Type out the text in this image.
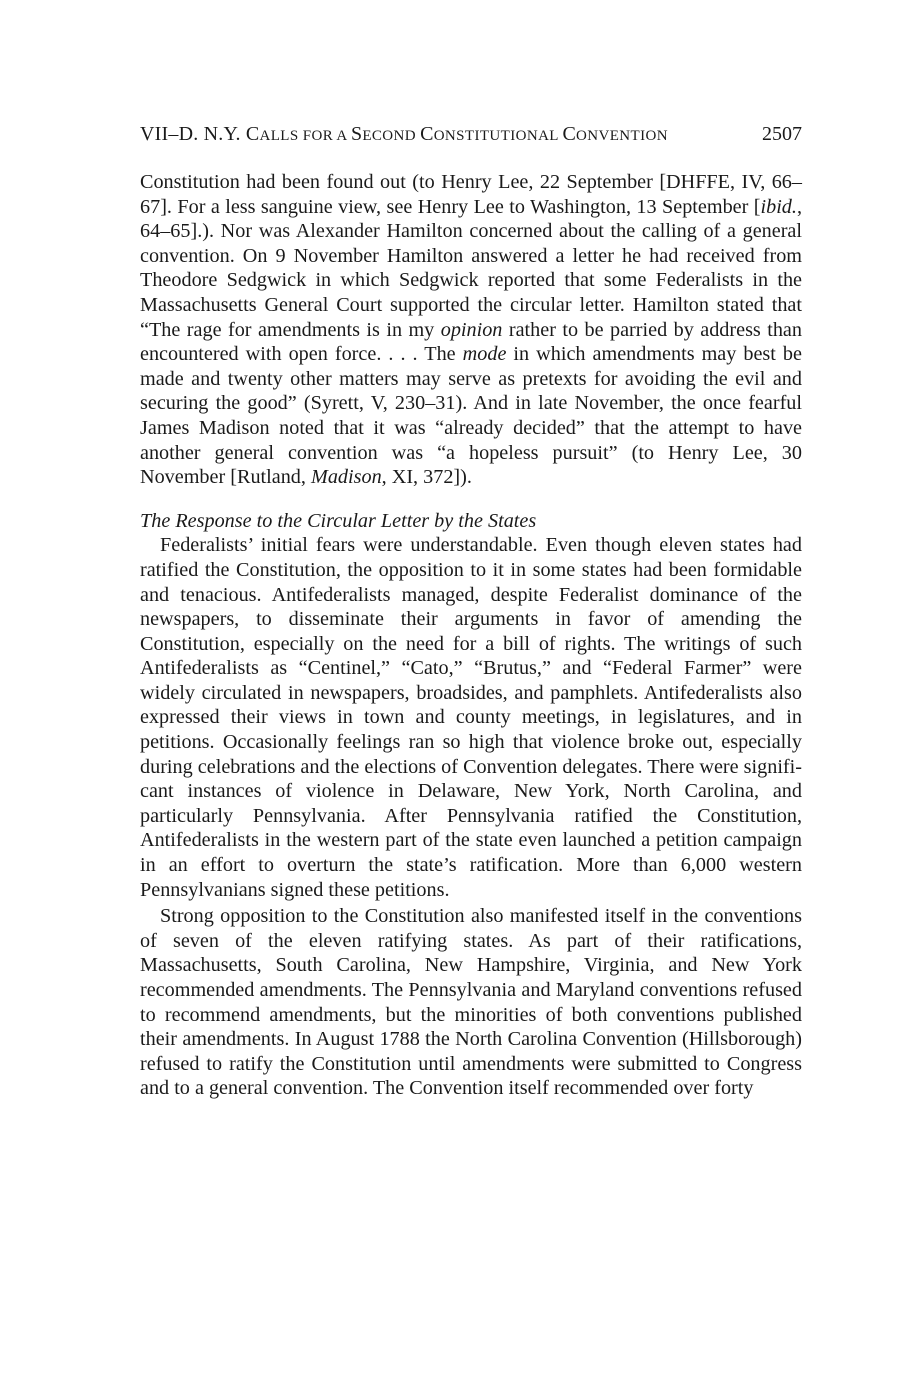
VII–D. N.Y. CALLS FOR A SECOND CONSTITUTIONAL CONVENTION	2507

Constitution had been found out (to Henry Lee, 22 September [DHFFE, IV, 66–67]. For a less sanguine view, see Henry Lee to Washington, 13 September [ibid., 64–65].). Nor was Alexander Hamilton concerned about the calling of a general convention. On 9 November Hamilton answered a letter he had received from Theodore Sedgwick in which Sedgwick reported that some Federalists in the Massachusetts General Court supported the circular letter. Hamilton stated that “The rage for amendments is in my opinion rather to be parried by address than encountered with open force. . . . The mode in which amendments may best be made and twenty other matters may serve as pretexts for avoiding the evil and securing the good” (Syrett, V, 230–31). And in late November, the once fearful James Madison noted that it was “already decided” that the attempt to have another general convention was “a hopeless pursuit” (to Henry Lee, 30 November [Rutland, Madison, XI, 372]).

The Response to the Circular Letter by the States

Federalists’ initial fears were understandable. Even though eleven states had ratified the Constitution, the opposition to it in some states had been formidable and tenacious. Antifederalists managed, despite Federalist dominance of the newspapers, to disseminate their arguments in favor of amending the Constitution, especially on the need for a bill of rights. The writings of such Antifederalists as “Centinel,” “Cato,” “Brutus,” and “Federal Farmer” were widely circulated in newspapers, broadsides, and pamphlets. Antifederalists also expressed their views in town and county meetings, in legislatures, and in petitions. Occasionally feelings ran so high that violence broke out, especially during celebrations and the elections of Convention delegates. There were significant instances of violence in Delaware, New York, North Carolina, and particularly Pennsylvania. After Pennsylvania ratified the Constitution, Antifederalists in the western part of the state even launched a petition campaign in an effort to overturn the state’s ratification. More than 6,000 western Pennsylvanians signed these petitions.

Strong opposition to the Constitution also manifested itself in the conventions of seven of the eleven ratifying states. As part of their ratifications, Massachusetts, South Carolina, New Hampshire, Virginia, and New York recommended amendments. The Pennsylvania and Maryland conventions refused to recommend amendments, but the minorities of both conventions published their amendments. In August 1788 the North Carolina Convention (Hillsborough) refused to ratify the Constitution until amendments were submitted to Congress and to a general convention. The Convention itself recommended over forty
